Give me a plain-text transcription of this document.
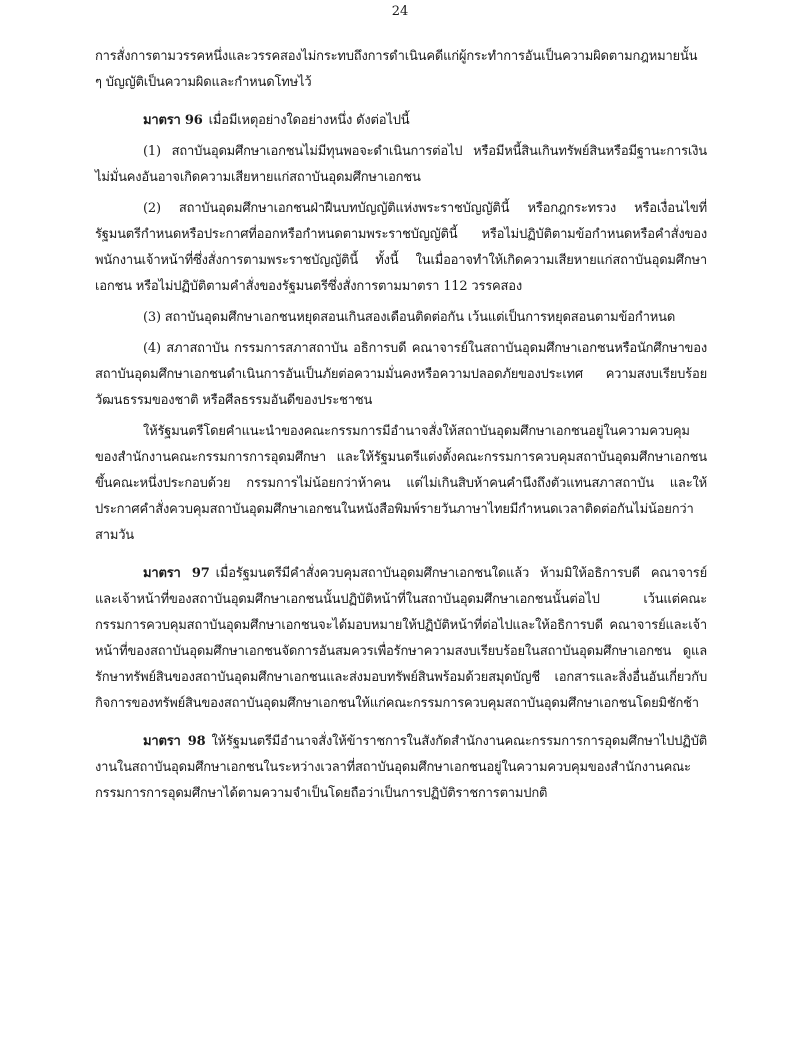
24

การสั่งการตามวรรคหนึ่งและวรรคสองไม่กระทบถึงการดำเนินคดีแก่ผู้กระทำการอันเป็นความผิดตามกฎหมายนั้น ๆ บัญญัติเป็นความผิดและกำหนดโทษไว้

มาตรา 96 เมื่อมีเหตุอย่างใดอย่างหนึ่ง ดังต่อไปนี้

(1) สถาบันอุดมศึกษาเอกชนไม่มีทุนพอจะดำเนินการต่อไป หรือมีหนี้สินเกินทรัพย์สินหรือมีฐานะการเงินไม่มั่นคงอันอาจเกิดความเสียหายแก่สถาบันอุดมศึกษาเอกชน

(2) สถาบันอุดมศึกษาเอกชนฝ่าฝืนบทบัญญัติแห่งพระราชบัญญัตินี้ หรือกฎกระทรวง หรือเงื่อนไขที่รัฐมนตรีกำหนดหรือประกาศที่ออกหรือกำหนดตามพระราชบัญญัตินี้ หรือไม่ปฏิบัติตามข้อกำหนดหรือคำสั่งของพนักงานเจ้าหน้าที่ซึ่งสั่งการตามพระราชบัญญัตินี้ ทั้งนี้ ในเมื่ออาจทำให้เกิดความเสียหายแก่สถาบันอุดมศึกษาเอกชน หรือไม่ปฏิบัติตามคำสั่งของรัฐมนตรีซึ่งสั่งการตามมาตรา 112 วรรคสอง

(3) สถาบันอุดมศึกษาเอกชนหยุดสอนเกินสองเดือนติดต่อกัน เว้นแต่เป็นการหยุดสอนตามข้อกำหนด

(4) สภาสถาบัน กรรมการสภาสถาบัน อธิการบดี คณาจารย์ในสถาบันอุดมศึกษาเอกชนหรือนักศึกษาของสถาบันอุดมศึกษาเอกชนดำเนินการอันเป็นภัยต่อความมั่นคงหรือความปลอดภัยของประเทศ ความสงบเรียบร้อย วัฒนธรรมของชาติ หรือศีลธรรมอันดีของประชาชน

ให้รัฐมนตรีโดยคำแนะนำของคณะกรรมการมีอำนาจสั่งให้สถาบันอุดมศึกษาเอกชนอยู่ในความควบคุมของสำนักงานคณะกรรมการการอุดมศึกษา และให้รัฐมนตรีแต่งตั้งคณะกรรมการควบคุมสถาบันอุดมศึกษาเอกชนขึ้นคณะหนึ่งประกอบด้วย กรรมการไม่น้อยกว่าห้าคน แต่ไม่เกินสิบห้าคนคำนึงถึงตัวแทนสภาสถาบัน และให้ประกาศคำสั่งควบคุมสถาบันอุดมศึกษาเอกชนในหนังสือพิมพ์รายวันภาษาไทยมีกำหนดเวลาติดต่อกันไม่น้อยกว่าสามวัน

มาตรา 97 เมื่อรัฐมนตรีมีคำสั่งควบคุมสถาบันอุดมศึกษาเอกชนใดแล้ว ห้ามมิให้อธิการบดี คณาจารย์และเจ้าหน้าที่ของสถาบันอุดมศึกษาเอกชนนั้นปฏิบัติหน้าที่ในสถาบันอุดมศึกษาเอกชนนั้นต่อไป เว้นแต่คณะกรรมการควบคุมสถาบันอุดมศึกษาเอกชนจะได้มอบหมายให้ปฏิบัติหน้าที่ต่อไปและให้อธิการบดี คณาจารย์และเจ้าหน้าที่ของสถาบันอุดมศึกษาเอกชนจัดการอันสมควรเพื่อรักษาความสงบเรียบร้อยในสถาบันอุดมศึกษาเอกชน ดูแลรักษาทรัพย์สินของสถาบันอุดมศึกษาเอกชนและส่งมอบทรัพย์สินพร้อมด้วยสมุดบัญชี เอกสารและสิ่งอื่นอันเกี่ยวกับกิจการของทรัพย์สินของสถาบันอุดมศึกษาเอกชนให้แก่คณะกรรมการควบคุมสถาบันอุดมศึกษาเอกชนโดยมิชักช้า

มาตรา 98 ให้รัฐมนตรีมีอำนาจสั่งให้ข้าราชการในสังกัดสำนักงานคณะกรรมการการอุดมศึกษาไปปฏิบัติงานในสถาบันอุดมศึกษาเอกชนในระหว่างเวลาที่สถาบันอุดมศึกษาเอกชนอยู่ในความควบคุมของสำนักงานคณะกรรมการการอุดมศึกษาได้ตามความจำเป็นโดยถือว่าเป็นการปฏิบัติราชการตามปกติ
